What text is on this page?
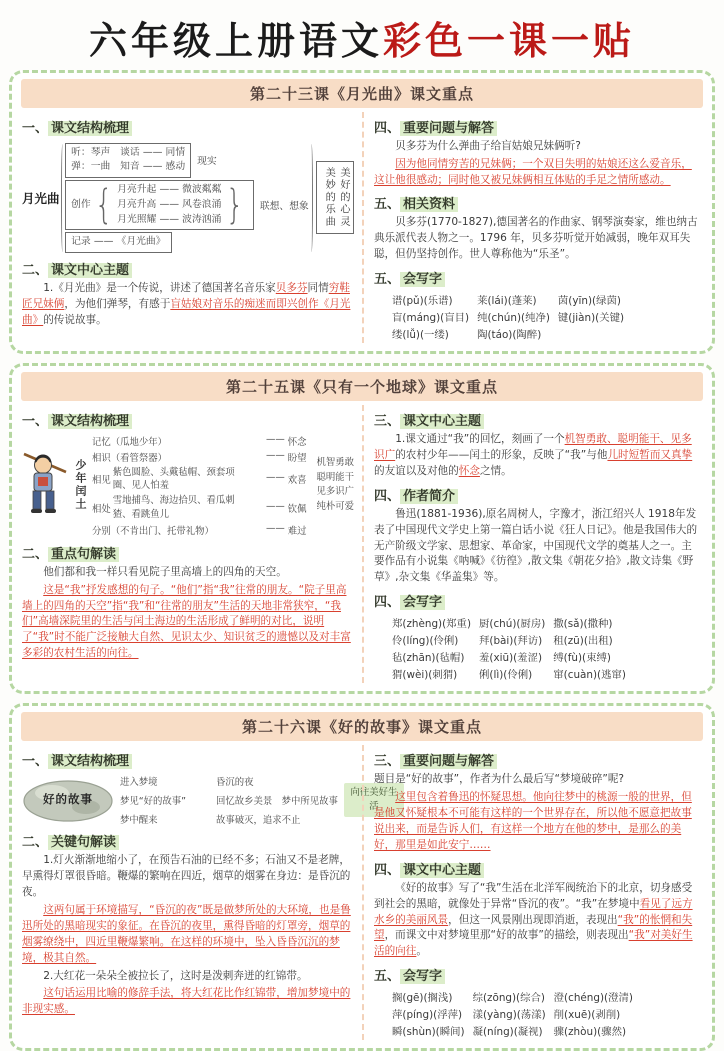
六年级上册语文彩色一课一贴
第二十三课《月光曲》课文重点
一、 课文结构梳理
月光曲
听：琴声　谈话 —— 同情
弹：一曲　知音 —— 感动 现实
创作 { 月亮升起 —— 微波粼粼
月亮升高 —— 风卷浪涌
月光照耀 —— 波涛汹涌 } 联想、想象
记录 —— 《月光曲》
美好的心灵
美妙的乐曲
二、 课文中心主题

1.《月光曲》是一个传说，讲述了德国著名音乐家贝多芬同情穷鞋匠兄妹俩，为他们弹琴，有感于盲姑娘对音乐的痴迷而即兴创作《月光曲》的传说故事。

四、 重要问题与解答

贝多芬为什么弹曲子给盲姑娘兄妹俩听?

因为他同情穷苦的兄妹俩；一个双目失明的姑娘还这么爱音乐，这让他很感动；同时他又被兄妹俩相互体贴的手足之情所感动。

五、 相关资料

贝多芬(1770-1827),德国著名的作曲家、钢琴演奏家，维也纳古典乐派代表人物之一。1796 年，贝多芬听觉开始减弱，晚年双耳失聪，但仍坚持创作。世人尊称他为“乐圣”。

五、 会写字
谱(pǔ)(乐谱)	莱(lái)(蓬莱)	茵(yīn)(绿茵)
盲(máng)(盲目) 纯(chún)(纯净) 键(jiàn)(关键)
缕(lǚ)(一缕)	陶(táo)(陶醉)
第二十五课《只有一个地球》课文重点
一、 课文结构梳理
少年闰土
记忆（瓜地少年）	—— 怀念
相识（看管祭器）	—— 盼望
相见
紫色圆脸、头戴毡帽、颈套项圈、见人怕羞
—— 欢喜
相处
雪地捕鸟、海边拾贝、看瓜刺猹、看跳鱼儿
—— 钦佩
分别（不肯出门、托带礼物）	—— 难过
机智勇敢
聪明能干
见多识广
纯朴可爱
二、 重点句解读

他们都和我一样只看见院子里高墙上的四角的天空。

这是“我”抒发感想的句子。“他们”指“我”往常的朋友。“院子里高墙上的四角的天空”指“我”和“往常的朋友”生活的天地非常狭窄，“我们”高墙深院里的生活与闰土海边的生活形成了鲜明的对比，说明了“我”时不能广泛接触大自然、见识太少、知识贫乏的遗憾以及对丰富多彩的农村生活的向往。

三、 课文中心主题

1.课文通过“我”的回忆，刻画了一个机智勇敢、聪明能干、见多识广的农村少年——闰土的形象，反映了“我”与他儿时短暂而又真挚的友谊以及对他的怀念之情。

四、 作者简介

鲁迅(1881-1936),原名周树人，字豫才，浙江绍兴人 1918年发表了中国现代文学史上第一篇白话小说《狂人日记》。他是我国伟大的无产阶级文学家、思想家、革命家，中国现代文学的奠基人之一。主要作品有小说集《呐喊》《彷徨》,散文集《朝花夕拾》,散文诗集《野草》,杂文集《华盖集》等。

四、 会写字
郑(zhèng)(郑重) 厨(chú)(厨房) 撒(sǎ)(撒种)
伶(líng)(伶俐)	拜(bài)(拜访) 租(zū)(出租)
毡(zhān)(毡帽)	羞(xiū)(羞涩)	缚(fù)(束缚)
猬(wèi)(刺猬)	俐(lì)(伶俐)	窜(cuàn)(逃窜)
第二十六课《好的故事》课文重点
一、 课文结构梳理
好的故事
进入梦境	昏沉的夜
梦见“好的故事”	回忆故乡美景　梦中所见故事
梦中醒来	故事破灭，追求不止
向往美好生活
二、 关键句解读

1.灯火渐渐地缩小了，在预告石油的已经不多；石油又不是老牌，早熏得灯罩很昏暗。鞭爆的繁响在四近，烟草的烟雾在身边：是昏沉的夜。

这两句属于环境描写，“昏沉的夜”既是做梦所处的大环境，也是鲁迅所处的黑暗现实的象征。在昏沉的夜里，熏得昏暗的灯罩旁，烟草的烟雾缭绕中，四近里鞭爆繁响。在这样的环境中，坠入昏昏沉沉的梦境，极其自然。

2.大红花一朵朵全被拉长了，这时是泼刺奔迸的红锦带。

这句话运用比喻的修辞手法，将大红花比作红锦带，增加梦境中的非现实感。

三、 重要问题与解答

题目是“好的故事”，作者为什么最后写“梦境破碎”呢?

这里包含着鲁迅的怀疑思想。他向往梦中的桃源一般的世界，但是他又怀疑根本不可能有这样的一个世界存在，所以他不愿意把故事说出来，而是告诉人们，有这样一个地方在他的梦中，是那么的美好，那里是如此安宁……

四、 课文中心主题

《好的故事》写了“我”生活在北洋军阀统治下的北京，切身感受到社会的黑暗，就像处于异常“昏沉的夜”。“我”在梦境中看见了远方水乡的美丽风景，但这一风景刚出现即消逝，表现出“我”的怅惘和失望，而课文中对梦境里那“好的故事”的描绘，则表现出“我”对美好生活的向往。

五、 会写字
搁(gē)(搁浅)	综(zōng)(综合) 澄(chéng)(澄清)
萍(píng)(浮萍) 漾(yàng)(荡漾) 削(xuē)(剥削)
瞬(shùn)(瞬间) 凝(níng)(凝视) 骤(zhòu)(骤然)
